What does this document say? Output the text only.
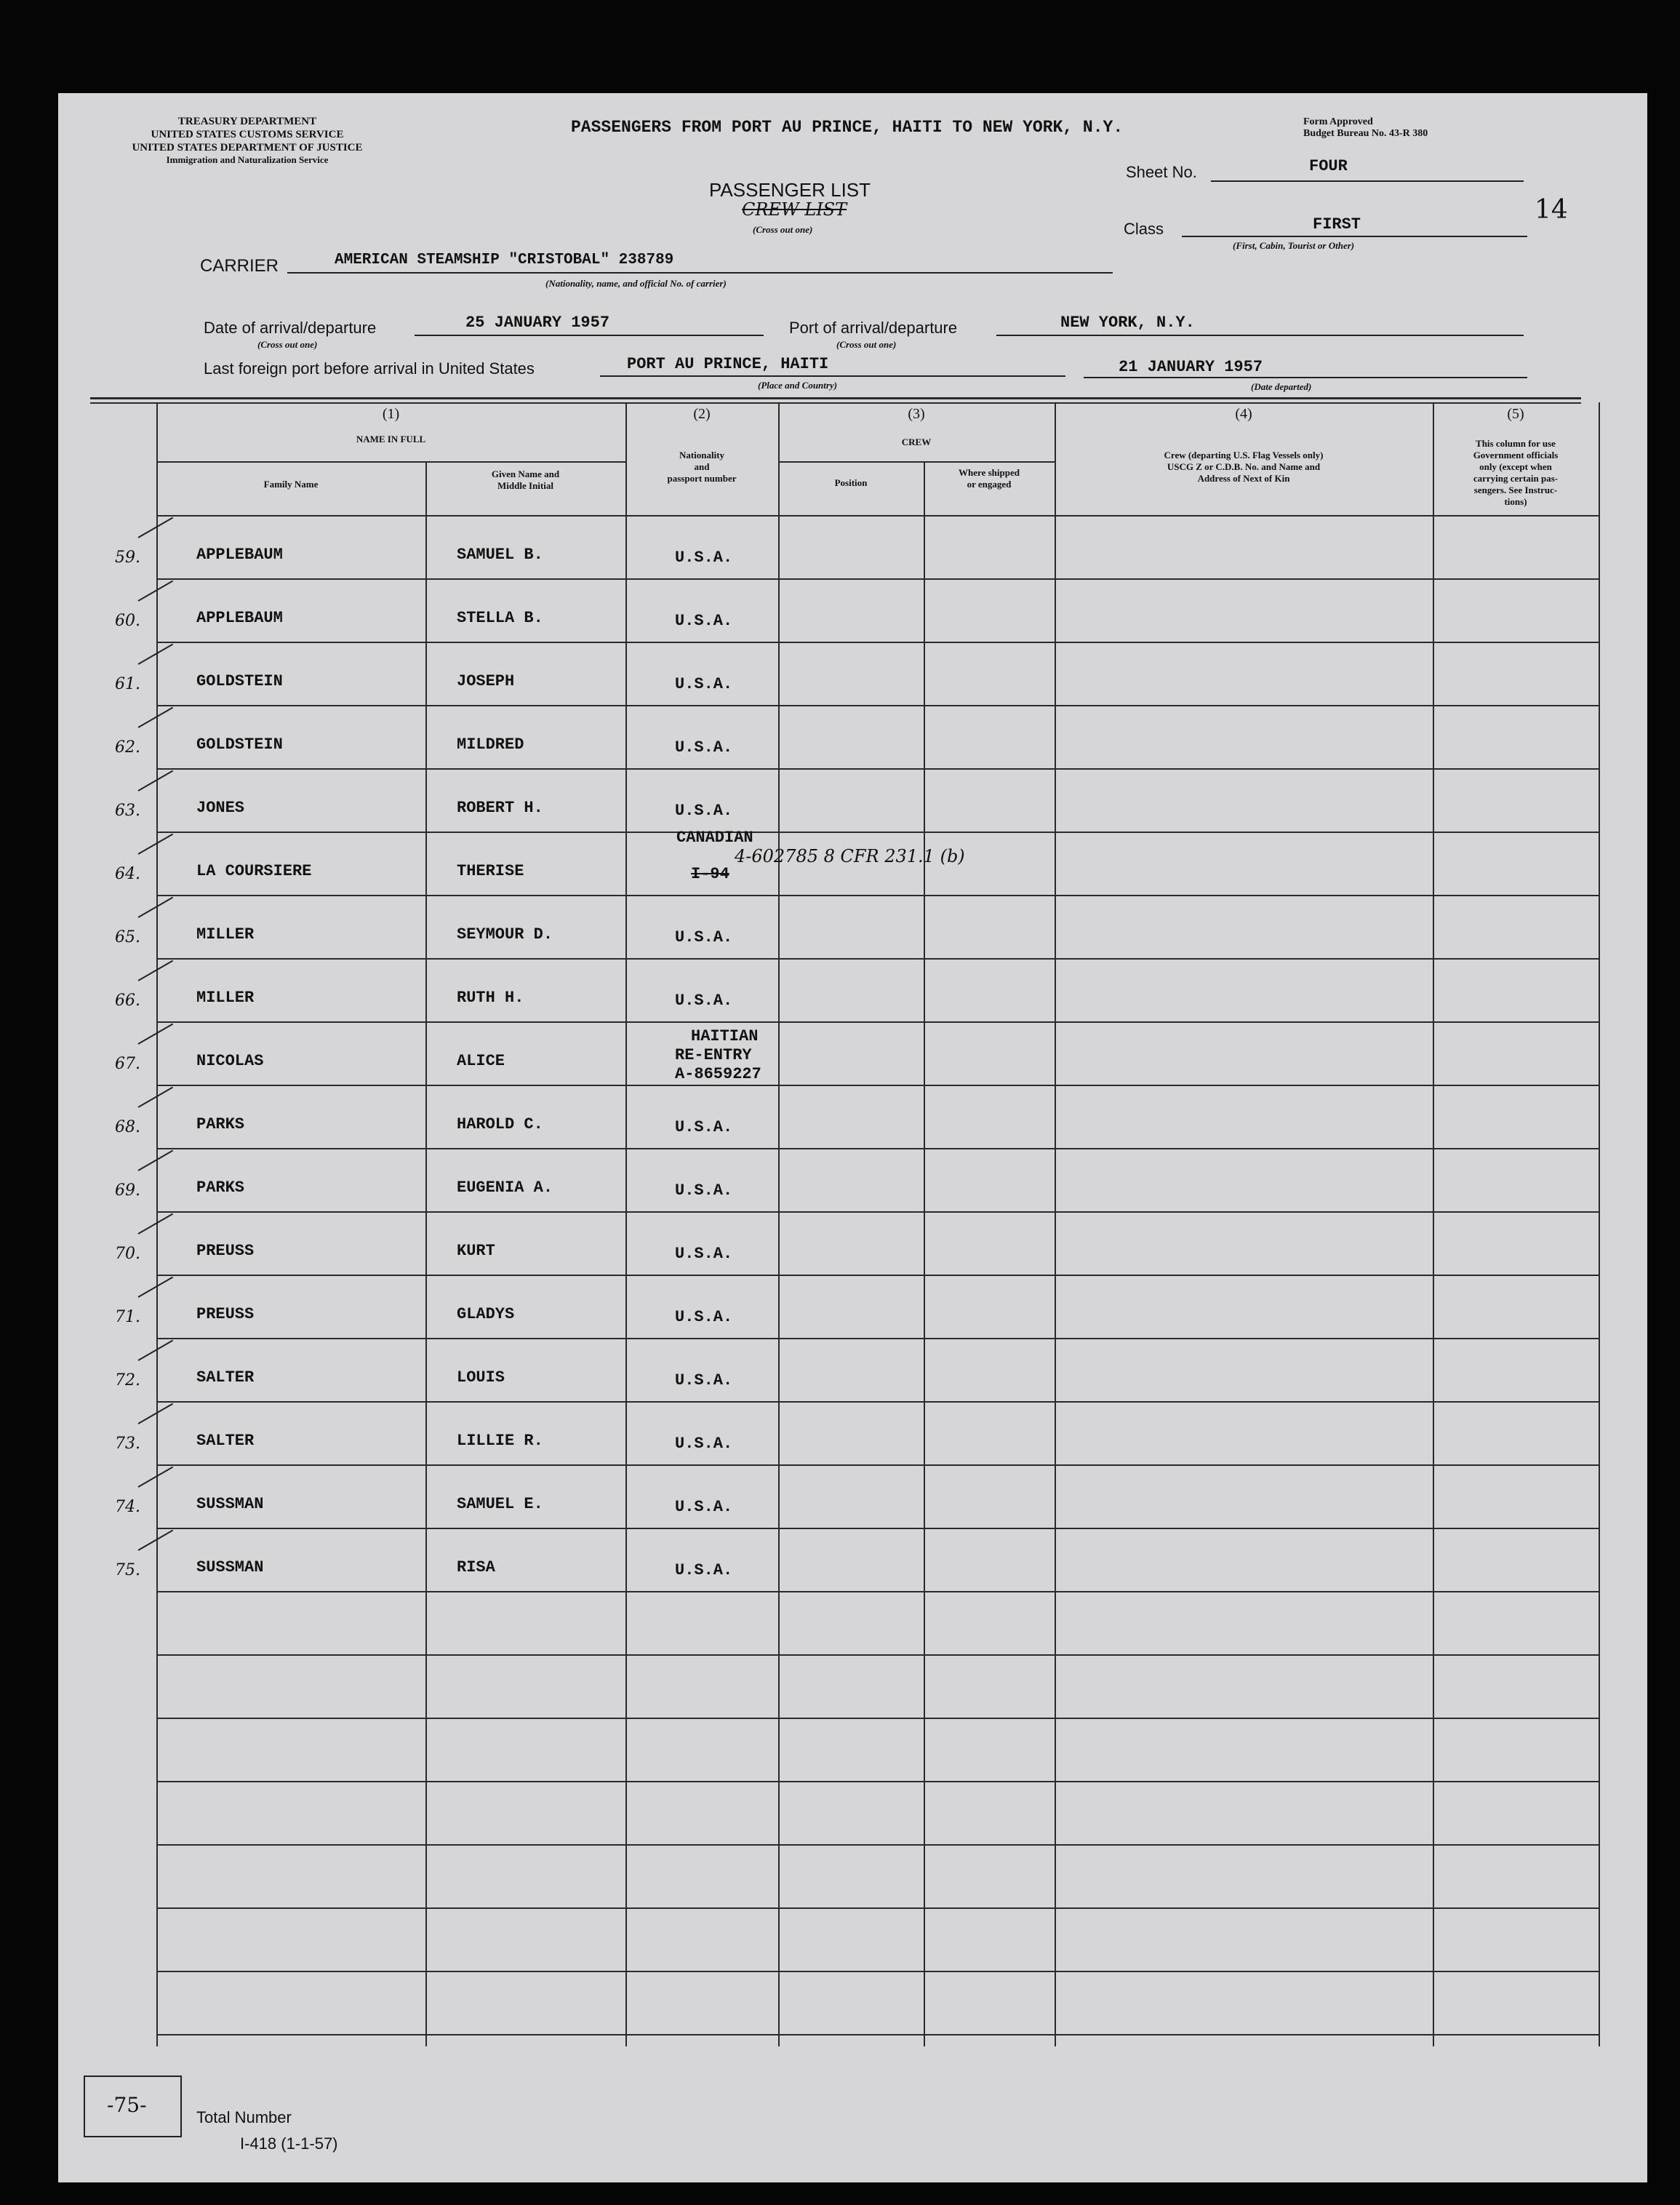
TREASURY DEPARTMENT
UNITED STATES CUSTOMS SERVICE
UNITED STATES DEPARTMENT OF JUSTICE
Immigration and Naturalization Service
PASSENGERS FROM PORT AU PRINCE, HAITI TO NEW YORK, N.Y.	Form Approved
Budget Bureau No. 43-R 380
Sheet No.	FOUR
14
PASSENGER LIST
CREW LIST
(Cross out one)	Class	FIRST
(First, Cabin, Tourist or Other)
CARRIER	AMERICAN STEAMSHIP "CRISTOBAL" 238789
(Nationality, name, and official No. of carrier)
Date of arrival/departure	25 JANUARY 1957
(Cross out one)
Port of arrival/departure	NEW YORK, N.Y.
(Cross out one)
Last foreign port before arrival in United States	PORT AU PRINCE, HAITI
(Place and Country)
21 JANUARY 1957
(Date departed)
(1)
NAME IN FULL
Family Name
Given Name and
Middle Initial
(2)
Nationality
and
passport number
(3)
CREW
Position
Where shipped
or engaged
(4)
Crew (departing U.S. Flag Vessels only)
USCG Z or C.D.B. No. and Name and
Address of Next of Kin
(5)
This column for use
Government officials
only (except when
carrying certain pas-
sengers. See Instruc-
tions)
59.	APPLEBAUM	SAMUEL B.	U.S.A.
60.	APPLEBAUM	STELLA B.	U.S.A.
61.	GOLDSTEIN	JOSEPH	U.S.A.
62.	GOLDSTEIN	MILDRED	U.S.A.
63.	JONES	ROBERT H.	U.S.A.
64.	LA COURSIERE	THERISE
CANADIAN
I-94
4-602785 8 CFR 231.1 (b)
65.	MILLER	SEYMOUR D.	U.S.A.
66.	MILLER	RUTH H.	U.S.A.
67.	NICOLAS	ALICE
HAITIAN
RE-ENTRY
A-8659227
68.	PARKS	HAROLD C.	U.S.A.
69.	PARKS	EUGENIA A.	U.S.A.
70.	PREUSS	KURT	U.S.A.
71.	PREUSS	GLADYS	U.S.A.
72.	SALTER	LOUIS	U.S.A.
73.	SALTER	LILLIE R.	U.S.A.
74.	SUSSMAN	SAMUEL E.	U.S.A.
75.	SUSSMAN	RISA	U.S.A.
-75-
Total Number
I-418 (1-1-57)
